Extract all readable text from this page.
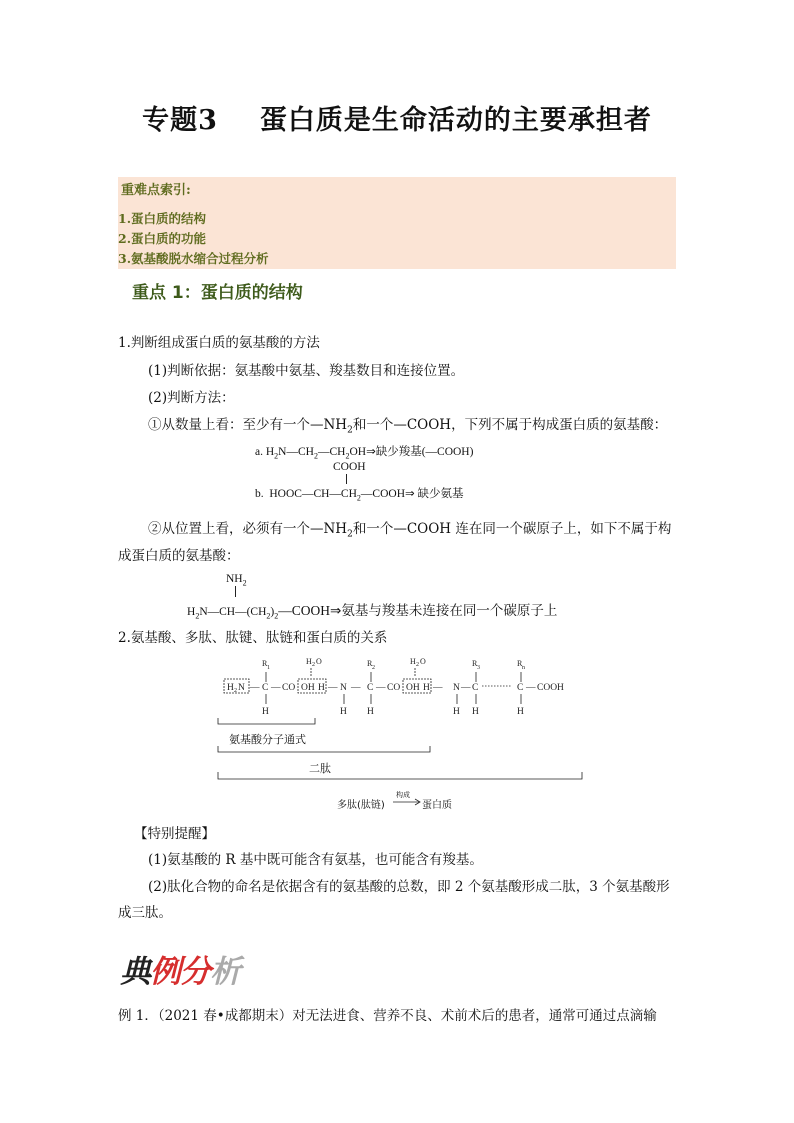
专题3 蛋白质是生命活动的主要承担者
重难点索引:
1.蛋白质的结构
2.蛋白质的功能
3.氨基酸脱水缩合过程分析
重点 1：蛋白质的结构
1.判断组成蛋白质的氨基酸的方法
(1)判断依据：氨基酸中氨基、羧基数目和连接位置。
(2)判断方法：
①从数量上看：至少有一个$—NH_2$和一个—COOH，下列不属于构成蛋白质的氨基酸：
a. $H_2N—CH_2—CH_2OH\Rightarrow$缺少羧基(—COOH)
COOH
b. $HOOC—CH—CH_2—COOH\Rightarrow$ 缺少氨基
②从位置上看，必须有一个$—NH_2$和一个—COOH 连在同一个碳原子上，如下不属于构
成蛋白质的氨基酸：
$NH_2$
$H_2N—CH—(CH_2)_2—COOH\Rightarrow$氨基与羧基未连接在同一个碳原子上
2.氨基酸、多肽、肽键、肽链和蛋白质的关系
R 1	R 2	R 3	R n
H 2 O	H 2 O
H 2 N — C — CO OH H — N — C — CO OH H — N — C	C — COOH
H	H H	H H	H
氨基酸分子通式
二肽
多肽(肽链)
构成
蛋白质
【特别提醒】
(1)氨基酸的 R 基中既可能含有氨基，也可能含有羧基。
(2)肽化合物的命名是依据含有的氨基酸的总数，即 2 个氨基酸形成二肽，3 个氨基酸形
成三肽。
典例分析
例 1．（2021 春•成都期末）对无法进食、营养不良、术前术后的患者，通常可通过点滴输
